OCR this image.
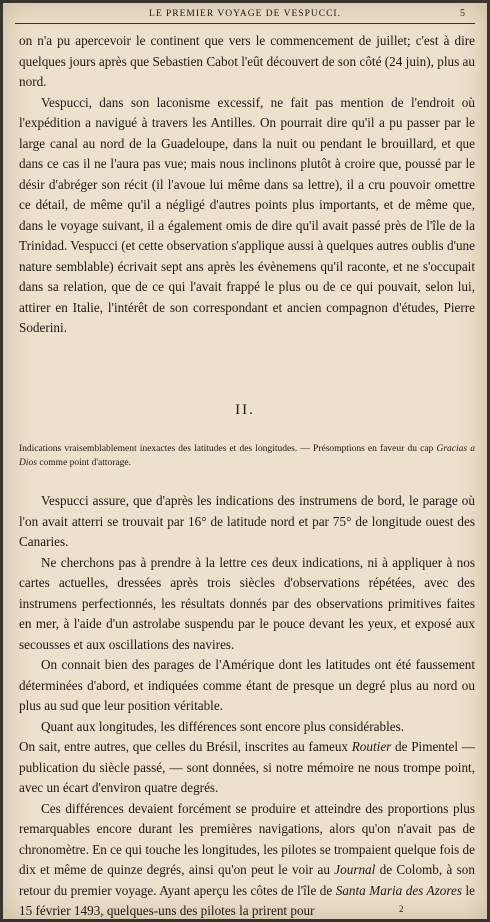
LE PREMIER VOYAGE DE VESPUCCI.	5

on n'a pu apercevoir le continent que vers le commencement de juillet; c'est à dire quelques jours après que Sebastien Cabot l'eût découvert de son côté (24 juin), plus au nord.

Vespucci, dans son laconisme excessif, ne fait pas mention de l'endroit où l'expédition a navigué à travers les Antilles. On pourrait dire qu'il a pu passer par le large canal au nord de la Guadeloupe, dans la nuit ou pendant le brouillard, et que dans ce cas il ne l'aura pas vue; mais nous inclinons plutôt à croire que, poussé par le désir d'abréger son récit (il l'avoue lui même dans sa lettre), il a cru pouvoir omettre ce détail, de même qu'il a négligé d'autres points plus importants, et de même que, dans le voyage suivant, il a également omis de dire qu'il avait passé près de l'île de la Trinidad. Vespucci (et cette observation s'applique aussi à quelques autres oublis d'une nature semblable) écrivait sept ans après les évènemens qu'il raconte, et ne s'occupait dans sa relation, que de ce qui l'avait frappé le plus ou de ce qui pouvait, selon lui, attirer en Italie, l'intérêt de son correspondant et ancien compagnon d'études, Pierre Soderini.

II.
Indications vraisemblablement inexactes des latitudes et des longitudes. — Présomptions en faveur du cap Gracias a Dios comme point d'attorage.

Vespucci assure, que d'après les indications des instrumens de bord, le parage où l'on avait atterri se trouvait par 16° de latitude nord et par 75° de longitude ouest des Canaries.

Ne cherchons pas à prendre à la lettre ces deux indications, ni à appliquer à nos cartes actuelles, dressées après trois siècles d'observations répétées, avec des instrumens perfectionnés, les résultats donnés par des observations primitives faites en mer, à l'aide d'un astrolabe suspendu par le pouce devant les yeux, et exposé aux secousses et aux oscillations des navires.

On connait bien des parages de l'Amérique dont les latitudes ont été faussement déterminées d'abord, et indiquées comme étant de presque un degré plus au nord ou plus au sud que leur position véritable.

Quant aux longitudes, les différences sont encore plus considérables.

On sait, entre autres, que celles du Brésil, inscrites au fameux Routier de Pimentel — publication du siècle passé, — sont données, si notre mémoire ne nous trompe point, avec un écart d'environ quatre degrés.

Ces différences devaient forcément se produire et atteindre des proportions plus remarquables encore durant les premières navigations, alors qu'on n'avait pas de chronomètre. En ce qui touche les longitudes, les pilotes se trompaient quelque fois de dix et même de quinze degrés, ainsi qu'on peut le voir au Journal de Colomb, à son retour du premier voyage. Ayant aperçu les côtes de l'île de Santa Maria des Azores le 15 février 1493, quelques-uns des pilotes la prirent pour	2
